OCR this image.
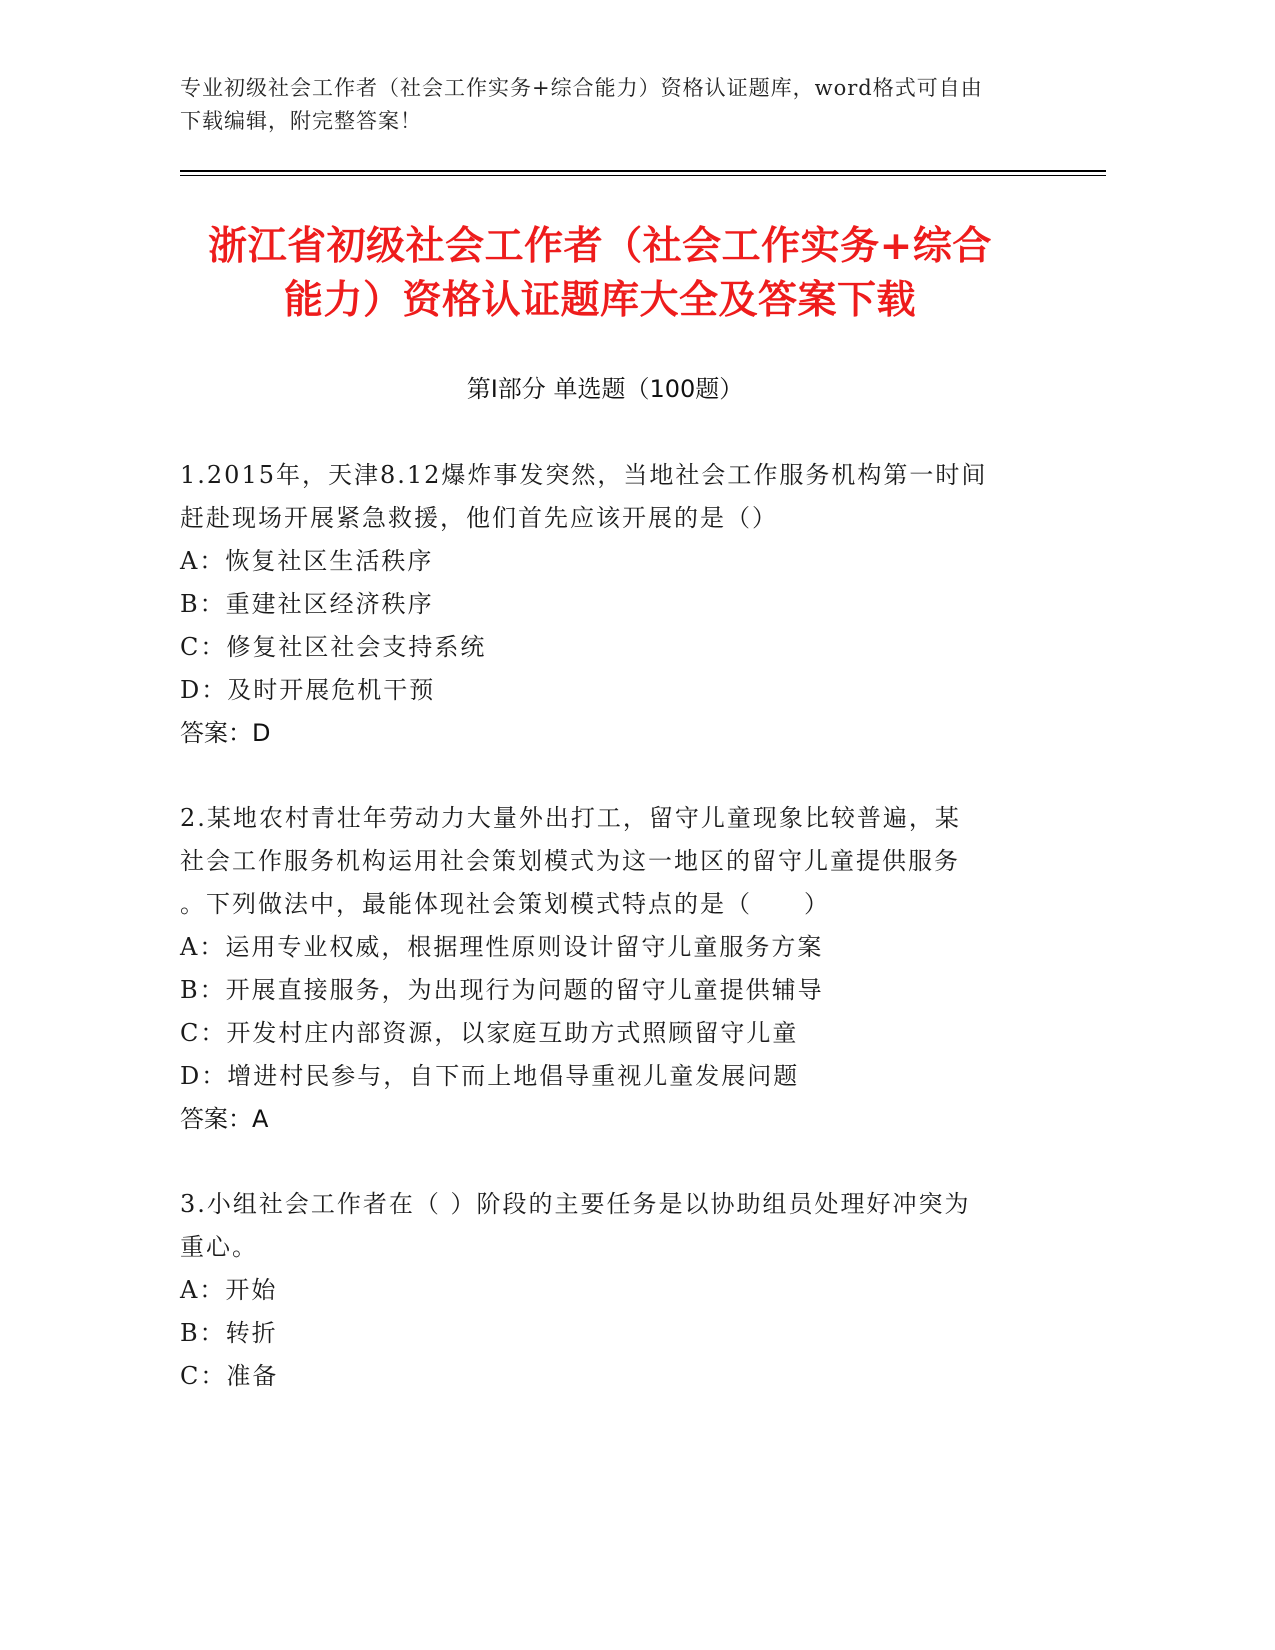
专业初级社会工作者（社会工作实务+综合能力）资格认证题库，word格式可自由

下载编辑，附完整答案！

浙江省初级社会工作者（社会工作实务+综合

能力）资格认证题库大全及答案下载

第Ⅰ部分 单选题（100题）

1.2015年，天津8.12爆炸事发突然，当地社会工作服务机构第一时间

赶赴现场开展紧急救援，他们首先应该开展的是（）

A：恢复社区生活秩序

B：重建社区经济秩序

C：修复社区社会支持系统

D：及时开展危机干预

答案：D

2.某地农村青壮年劳动力大量外出打工，留守儿童现象比较普遍，某

社会工作服务机构运用社会策划模式为这一地区的留守儿童提供服务

。下列做法中，最能体现社会策划模式特点的是（　　）

A：运用专业权威，根据理性原则设计留守儿童服务方案

B：开展直接服务，为出现行为问题的留守儿童提供辅导

C：开发村庄内部资源，以家庭互助方式照顾留守儿童

D：增进村民参与，自下而上地倡导重视儿童发展问题

答案：A

3.小组社会工作者在（ ）阶段的主要任务是以协助组员处理好冲突为

重心。

A：开始

B：转折

C：准备
